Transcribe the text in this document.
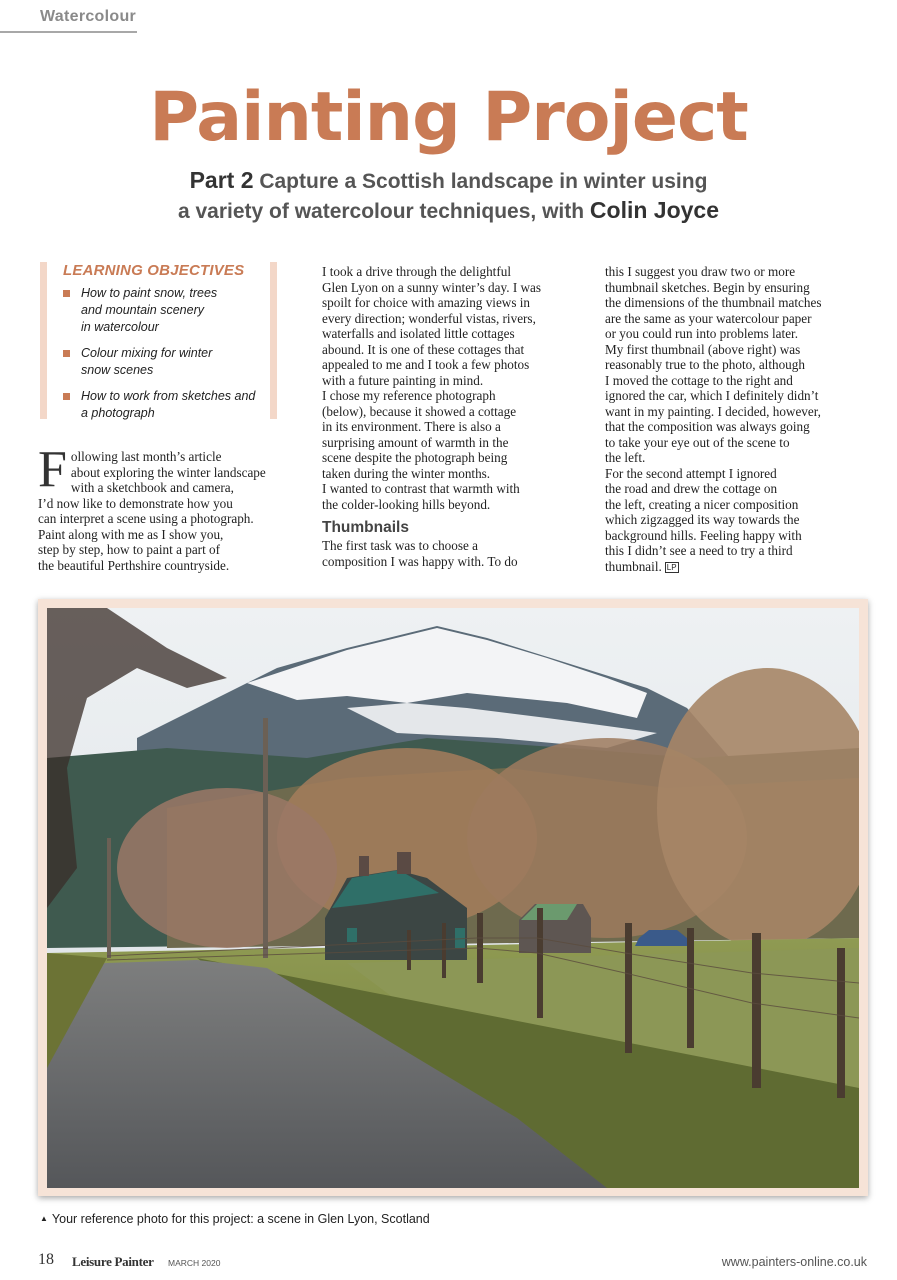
Watercolour
Painting Project
Part 2 Capture a Scottish landscape in winter using
a variety of watercolour techniques, with Colin Joyce
LEARNING OBJECTIVES
How to paint snow, trees
and mountain scenery
in watercolour
Colour mixing for winter
snow scenes
How to work from sketches and
a photograph
F ollowing last month’s article
about exploring the winter landscape
with a sketchbook and camera,
I’d now like to demonstrate how you
can interpret a scene using a photograph.
Paint along with me as I show you,
step by step, how to paint a part of
the beautiful Perthshire countryside.

I took a drive through the delightful
Glen Lyon on a sunny winter’s day. I was
spoilt for choice with amazing views in
every direction; wonderful vistas, rivers,
waterfalls and isolated little cottages
abound. It is one of these cottages that
appealed to me and I took a few photos
with a future painting in mind.

I chose my reference photograph
(below), because it showed a cottage
in its environment. There is also a
surprising amount of warmth in the
scene despite the photograph being
taken during the winter months.
I wanted to contrast that warmth with
the colder-looking hills beyond.

Thumbnails

The first task was to choose a
composition I was happy with. To do

this I suggest you draw two or more
thumbnail sketches. Begin by ensuring
the dimensions of the thumbnail matches
are the same as your watercolour paper
or you could run into problems later.

My first thumbnail (above right) was
reasonably true to the photo, although
I moved the cottage to the right and
ignored the car, which I definitely didn’t
want in my painting. I decided, however,
that the composition was always going
to take your eye out of the scene to
the left.

For the second attempt I ignored
the road and drew the cottage on
the left, creating a nicer composition
which zigzagged its way towards the
background hills. Feeling happy with
this I didn’t see a need to try a third
thumbnail. LP

▲ Your reference photo for this project: a scene in Glen Lyon, Scotland
18 Leisure Painter MARCH 2020	www.painters-online.co.uk
